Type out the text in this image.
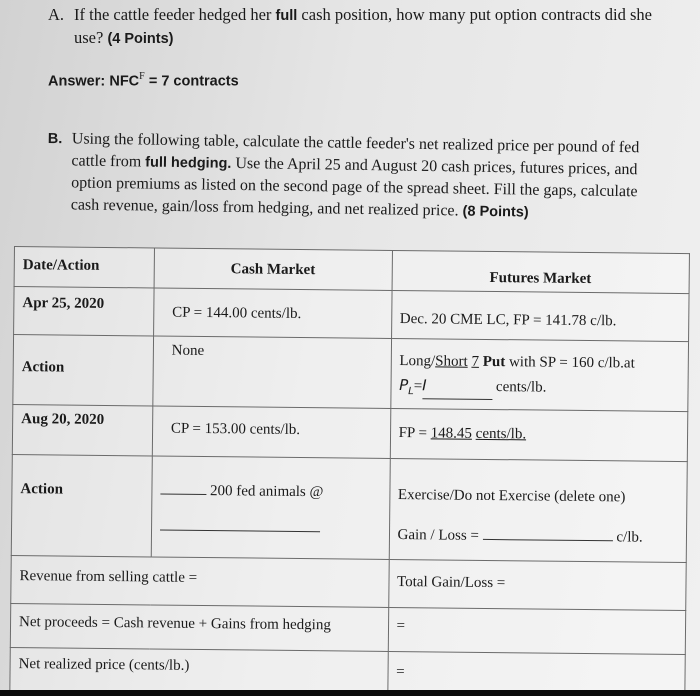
A. If the cattle feeder hedged her full cash position, how many put option contracts did she
use? (4 Points)
Answer: $NFC^F = 7$ contracts
B. Using the following table, calculate the cattle feeder's net realized price per pound of fed
cattle from full hedging. Use the April 25 and August 20 cash prices, futures prices, and
option premiums as listed on the second page of the spread sheet. Fill the gaps, calculate
cash revenue, gain/loss from hedging, and net realized price. (8 Points)
Date/Action	Cash Market	Futures Market
Apr 25, 2020	CP = 144.00 cents/lb.	Dec. 20 CME LC, FP = 141.78 c/lb.
Action	None	Long/Short 7 Put with SP = 160 c/lb.at
$P_L=I$ cents/lb.
Aug 20, 2020	CP = 153.00 cents/lb.	FP = 148.45 cents/lb.
Action	200 fed animals @	Exercise/Do not Exercise (delete one)
Gain / Loss = c/lb.
Revenue from selling cattle =		Total Gain/Loss =
Net proceeds = Cash revenue + Gains from hedging		=
Net realized price (cents/lb.)		=
